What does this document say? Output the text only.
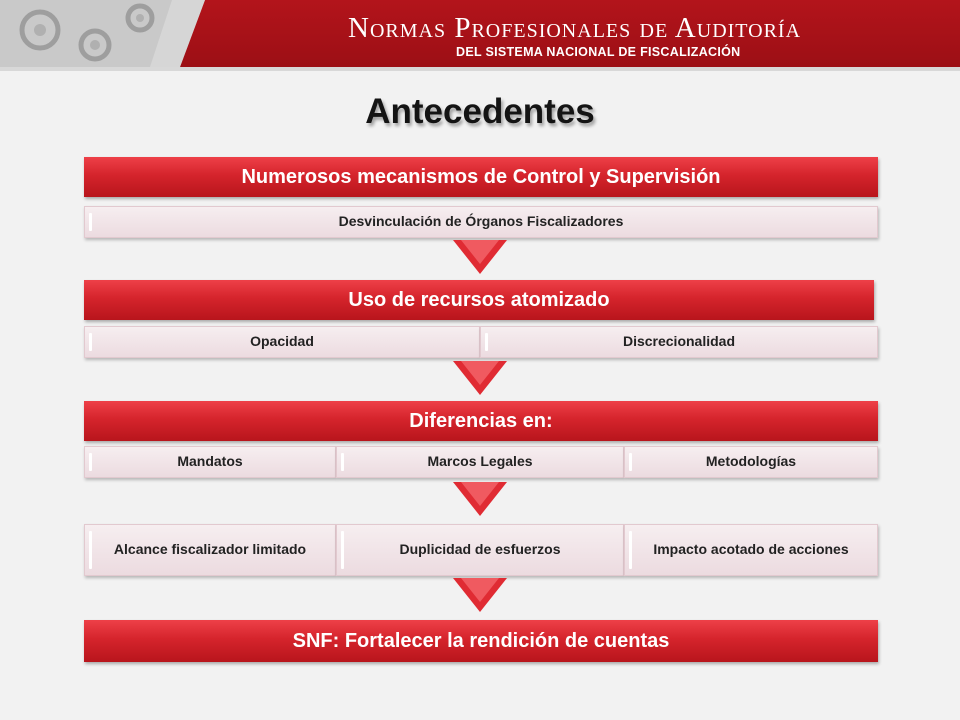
Normas Profesionales de Auditoría
DEL SISTEMA NACIONAL DE FISCALIZACIÓN
Antecedentes
Desvinculación de Órganos Fiscalizadores
Numerosos mecanismos de Control y Supervisión
Opacidad	Discrecionalidad
Uso de recursos atomizado
Mandatos	Marcos Legales	Metodologías
Diferencias en:
Alcance fiscalizador limitado	Duplicidad de esfuerzos	Impacto acotado de acciones
SNF: Fortalecer la rendición de cuentas
